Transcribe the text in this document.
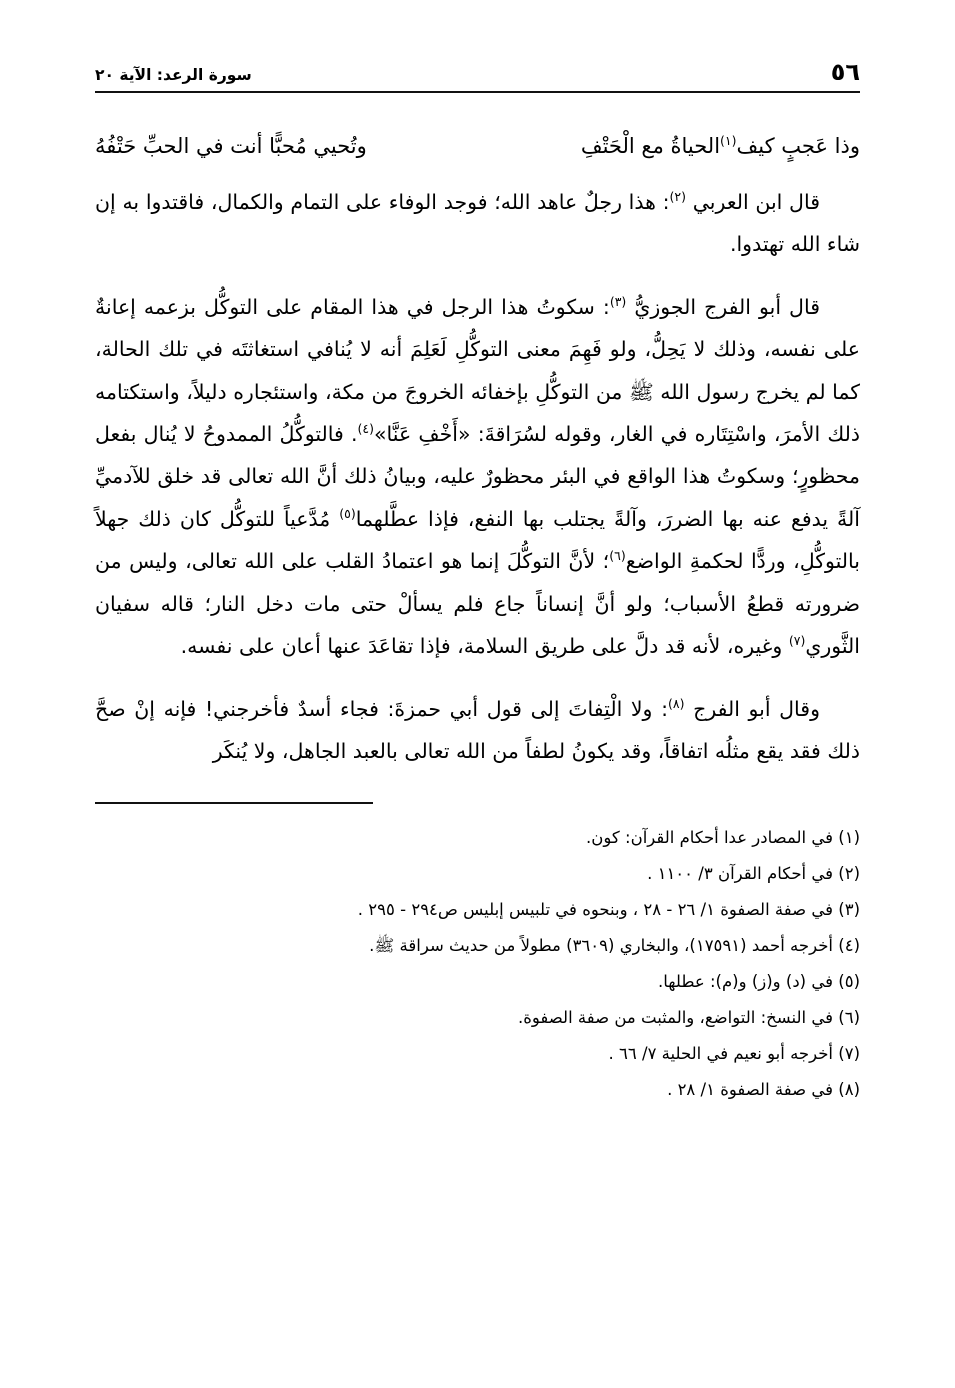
سورة الرعد: الآية ٢٠	٥٦
وذا عَجبٍ كيف$^{(١)}$الحياةُ مع الْحَتْفِ
وتُحيي مُحبًّا أنت في الحبِّ حَتْفُهُ

قال ابن العربي $^{(٢)}$: هذا رجلٌ عاهد الله؛ فوجد الوفاء على التمام والكمال، فاقتدوا به إن شاء الله تهتدوا.

قال أبو الفرج الجوزيُّ $^{(٣)}$: سكوتُ هذا الرجل في هذا المقام على التوكُّل بزعمه إعانةٌ على نفسه، وذلك لا يَحِلُّ، ولو فَهِمَ معنى التوكُّلِ لَعَلِمَ أنه لا يُنافي استغاثتَه في تلك الحالة، كما لم يخرج رسول الله ﷺ من التوكُّلِ بإخفائه الخروجَ من مكة، واستئجاره دليلاً، واستكتامه ذلك الأمرَ، واسْتِتَاره في الغار، وقوله لسُرَاقةَ: «أَخْفِ عَنَّا»$^{(٤)}$. فالتوكُّلُ الممدوحُ لا يُنال بفعل محظورٍ؛ وسكوتُ هذا الواقع في البئر محظورٌ عليه، وبيانُ ذلك أنَّ الله تعالى قد خلق للآدميِّ آلةً يدفع عنه بها الضررَ، وآلةً يجتلب بها النفع، فإذا عطَّلهما$^{(٥)}$ مُدَّعياً للتوكُّل كان ذلك جهلاً بالتوكُّلِ، وردًّا لحكمةِ الواضع$^{(٦)}$؛ لأنَّ التوكُّلَ إنما هو اعتمادُ القلب على الله تعالى، وليس من ضرورته قطعُ الأسباب؛ ولو أنَّ إنساناً جاع فلم يسألْ حتى مات دخل النار؛ قاله سفيان الثَّوري$^{(٧)}$ وغيره، لأنه قد دلَّ على طريق السلامة، فإذا تقاعَدَ عنها أعان على نفسه.

وقال أبو الفرج $^{(٨)}$: ولا الْتِفاتَ إلى قول أبي حمزةَ: فجاء أسدٌ فأخرجني! فإنه إنْ صحَّ ذلك فقد يقع مثلُه اتفاقاً، وقد يكونُ لطفاً من الله تعالى بالعبد الجاهل، ولا يُنكَر

(١) في المصادر عدا أحكام القرآن: كون.
(٢) في أحكام القرآن ٣/ ١١٠٠ .
(٣) في صفة الصفوة ١/ ٢٦ - ٢٨ ، وبنحوه في تلبيس إبليس ص٢٩٤ - ٢٩٥ .
(٤) أخرجه أحمد (١٧٥٩١)، والبخاري (٣٦٠٩) مطولاً من حديث سراقة ﷺ.
(٥) في (د) و(ز) و(م): عطلها.
(٦) في النسخ: التواضع، والمثبت من صفة الصفوة.
(٧) أخرجه أبو نعيم في الحلية ٧/ ٦٦ .
(٨) في صفة الصفوة ١/ ٢٨ .
